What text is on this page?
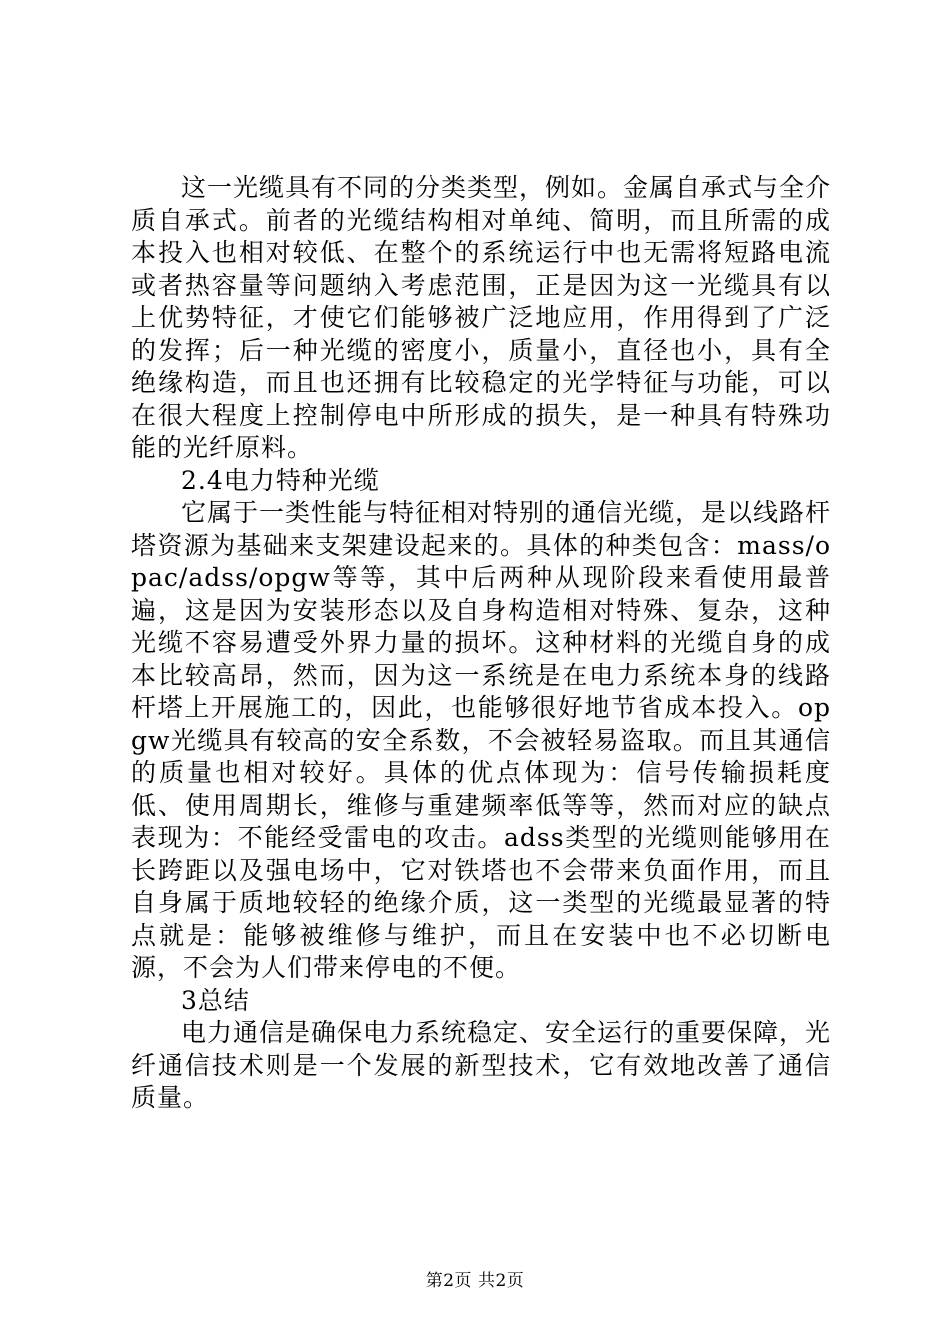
这一光缆具有不同的分类类型，例如。金属自承式与全介质自承式。前者的光缆结构相对单纯、简明，而且所需的成本投入也相对较低、在整个的系统运行中也无需将短路电流或者热容量等问题纳入考虑范围，正是因为这一光缆具有以上优势特征，才使它们能够被广泛地应用，作用得到了广泛的发挥；后一种光缆的密度小，质量小，直径也小，具有全绝缘构造，而且也还拥有比较稳定的光学特征与功能，可以在很大程度上控制停电中所形成的损失，是一种具有特殊功能的光纤原料。

2.4电力特种光缆

它属于一类性能与特征相对特别的通信光缆，是以线路杆塔资源为基础来支架建设起来的。具体的种类包含：mass/opac/adss/opgw等等，其中后两种从现阶段来看使用最普遍，这是因为安装形态以及自身构造相对特殊、复杂，这种光缆不容易遭受外界力量的损坏。这种材料的光缆自身的成本比较高昂，然而，因为这一系统是在电力系统本身的线路杆塔上开展施工的，因此，也能够很好地节省成本投入。opgw光缆具有较高的安全系数，不会被轻易盗取。而且其通信的质量也相对较好。具体的优点体现为：信号传输损耗度低、使用周期长，维修与重建频率低等等，然而对应的缺点表现为：不能经受雷电的攻击。adss类型的光缆则能够用在长跨距以及强电场中，它对铁塔也不会带来负面作用，而且自身属于质地较轻的绝缘介质，这一类型的光缆最显著的特点就是：能够被维修与维护，而且在安装中也不必切断电源，不会为人们带来停电的不便。

3总结

电力通信是确保电力系统稳定、安全运行的重要保障，光纤通信技术则是一个发展的新型技术，它有效地改善了通信质量。

第2页 共2页
